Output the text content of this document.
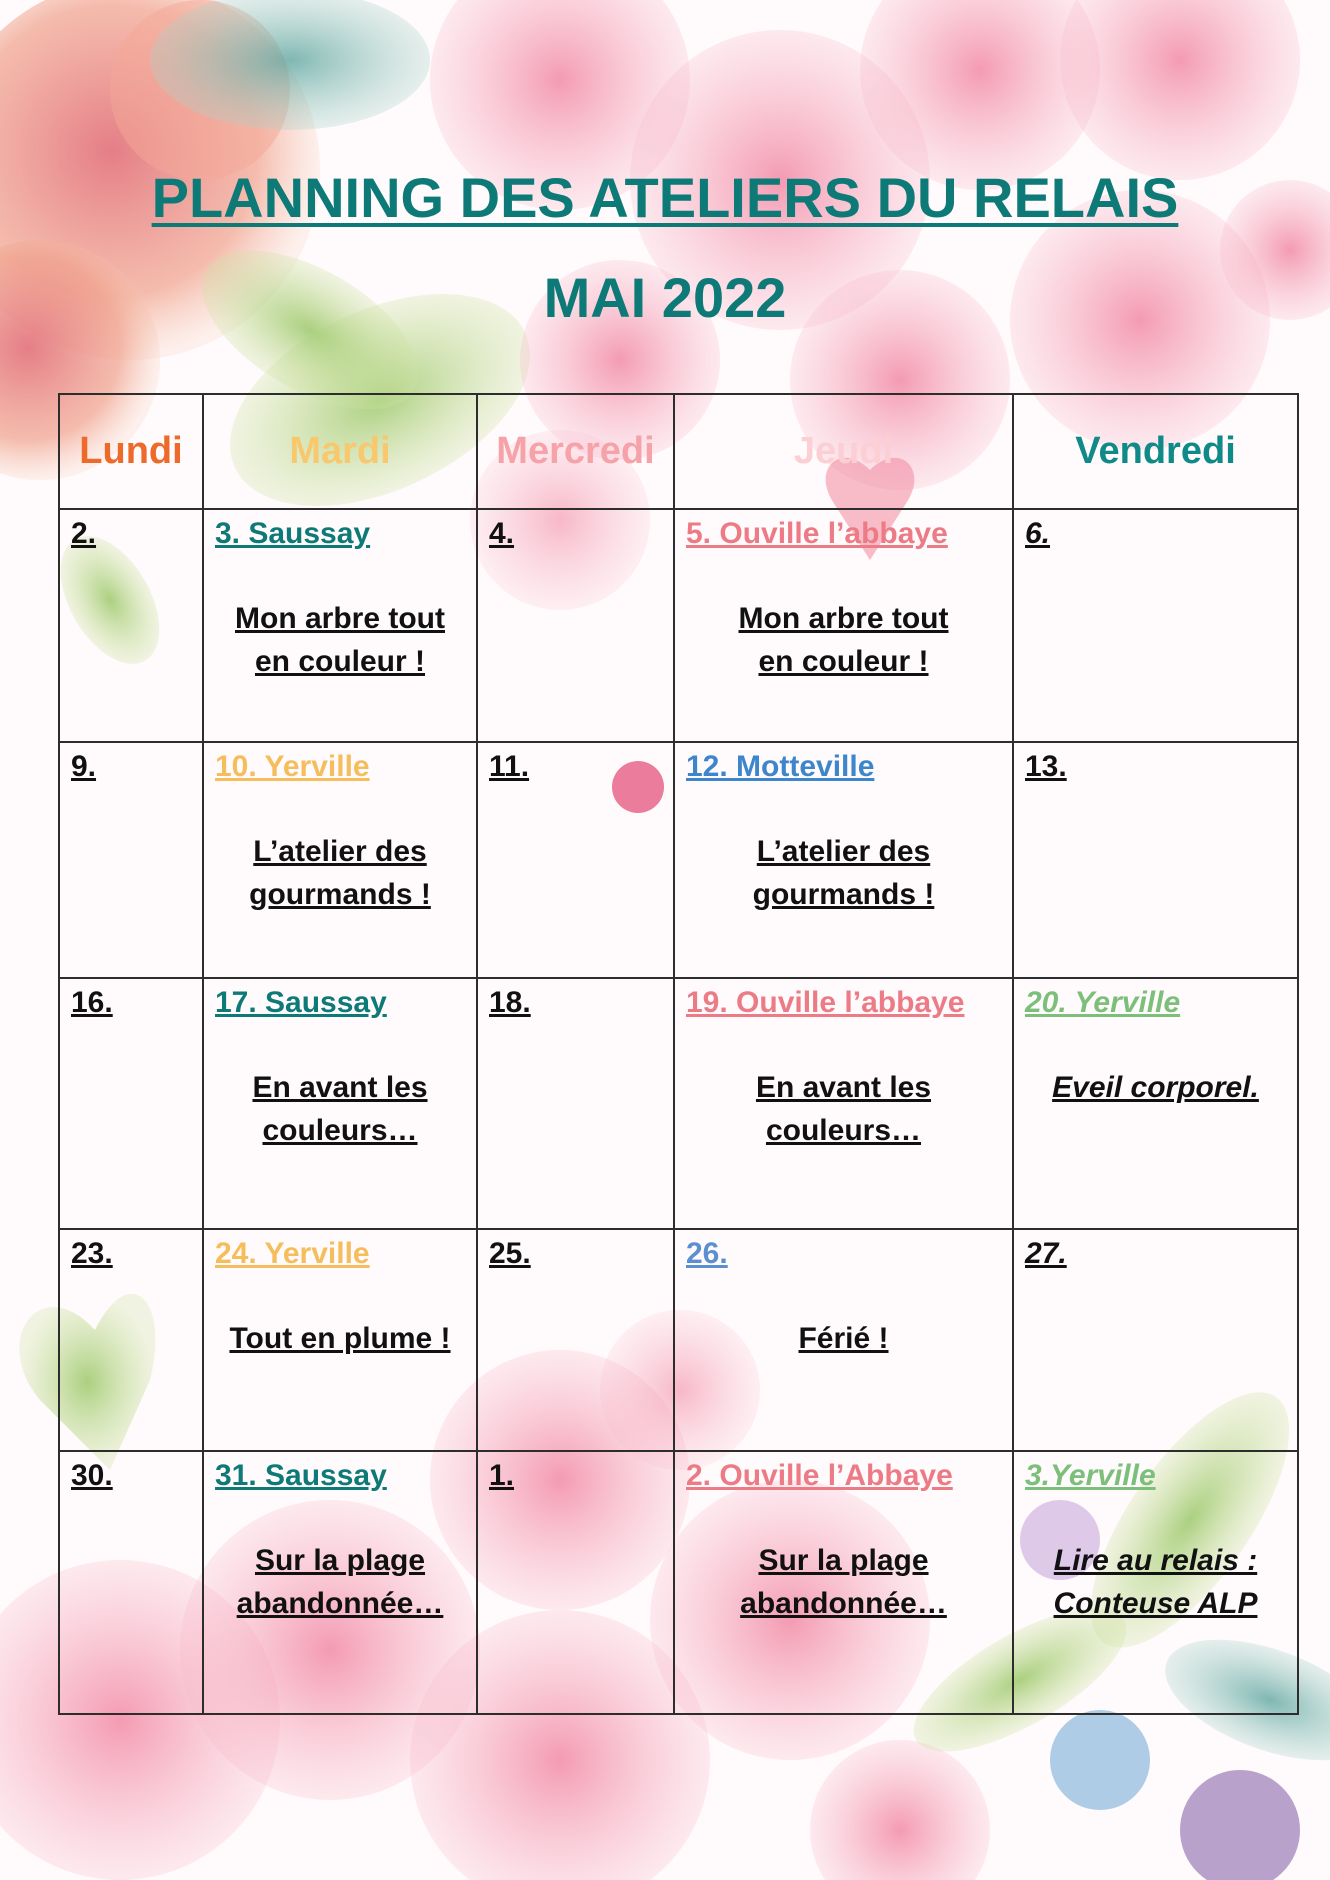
PLANNING DES ATELIERS DU RELAIS
MAI 2022
Lundi	Mardi	Mercredi	Jeudi	Vendredi

2.	3. Saussay
Mon arbre tout
en couleur !	4.	5. Ouville l’abbaye
Mon arbre tout
en couleur !	6.

9.	10. Yerville
L’atelier des
gourmands !	11.	12. Motteville
L’atelier des
gourmands !	13.

16.	17. Saussay
En avant les
couleurs…	18.	19. Ouville l’abbaye
En avant les
couleurs…	20. Yerville
Eveil corporel.

23.	24. Yerville
Tout en plume !	25.	26.
Férié !	27.

30.	31. Saussay
Sur la plage
abandonnée…	1.	2. Ouville l’Abbaye
Sur la plage
abandonnée…	3.Yerville
Lire au relais :
Conteuse ALP
